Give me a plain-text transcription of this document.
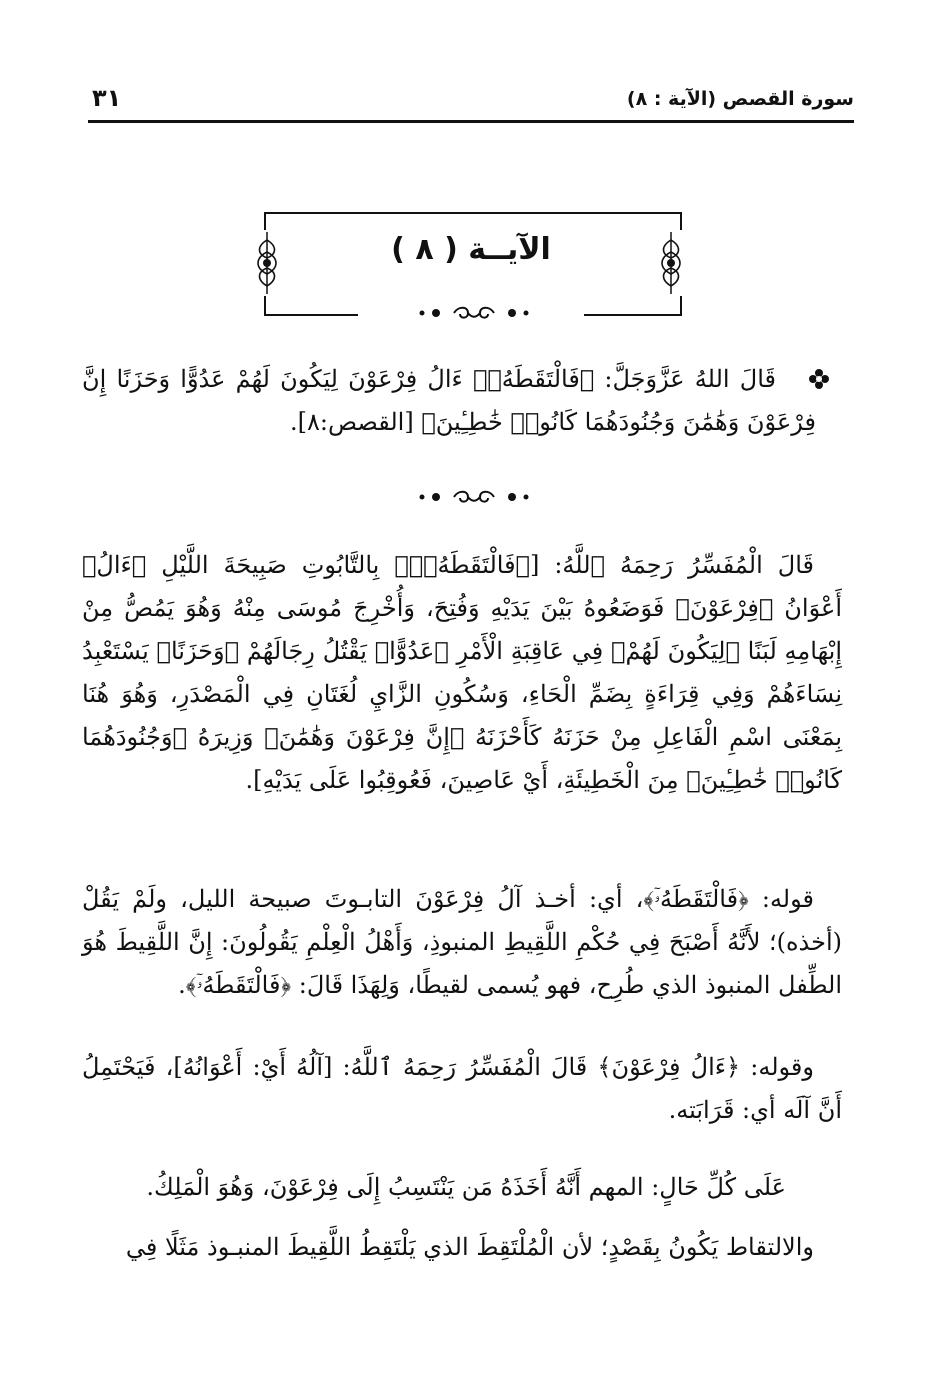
سورة القصص (الآية : ٨)
٣١
الآيــة ( ٨ )

قَالَ اللهُ عَزَّوَجَلَّ: ﴿فَالْتَقَطَهُۥٓ ءَالُ فِرْعَوْنَ لِيَكُونَ لَهُمْ عَدُوًّا وَحَزَنًا إِنَّ فِرْعَوْنَ وَهَٰمَٰنَ وَجُنُودَهُمَا كَانُوا۟ خَٰطِـِٔينَ﴾ [القصص:٨].

قَالَ الْمُفَسِّرُ رَحِمَهُ ٱللَّهُ: [﴿فَالْتَقَطَهُۥٓ﴾ بِالتَّابُوتِ صَبِيحَةَ اللَّيْلِ ﴿ءَالُ﴾ أَعْوَانُ ﴿فِرْعَوْنَ﴾ فَوَضَعُوهُ بَيْنَ يَدَيْهِ وَفُتِحَ، وَأُخْرِجَ مُوسَى مِنْهُ وَهُوَ يَمُصُّ مِنْ إِبْهَامِهِ لَبَنًا ﴿لِيَكُونَ لَهُمْ﴾ فِي عَاقِبَةِ الْأَمْرِ ﴿عَدُوًّا﴾ يَقْتُلُ رِجَالَهُمْ ﴿وَحَزَنًا﴾ يَسْتَعْبِدُ نِسَاءَهُمْ وَفِي قِرَاءَةٍ بِضَمِّ الْحَاءِ، وَسُكُونِ الزَّايِ لُغَتَانِ فِي الْمَصْدَرِ، وَهُوَ هُنَا بِمَعْنَى اسْمِ الْفَاعِلِ مِنْ حَزَنَهُ كَأَحْزَنَهُ ﴿إِنَّ فِرْعَوْنَ وَهَٰمَٰنَ﴾ وَزِيرَهُ ﴿وَجُنُودَهُمَا كَانُوا۟ خَٰطِـِٔينَ﴾ مِنَ الْخَطِيئَةِ، أَيْ عَاصِينَ، فَعُوقِبُوا عَلَى يَدَيْهِ].

قوله: ﴿فَالْتَقَطَهُۥٓ﴾، أي: أخـذ آلُ فِرْعَوْنَ التابـوتَ صبيحة الليل، ولَمْ يَقُلْ (أخذه)؛ لأَنَّهُ أَصْبَحَ فِي حُكْمِ اللَّقِيطِ المنبوذِ، وَأَهْلُ الْعِلْمِ يَقُولُونَ: إِنَّ اللَّقِيطَ هُوَ الطِّفل المنبوذ الذي طُرِح، فهو يُسمى لقيطًا، وَلِهَذَا قَالَ: ﴿فَالْتَقَطَهُۥٓ﴾.

وقوله: ﴿ءَالُ فِرْعَوْنَ﴾ قَالَ الْمُفَسِّرُ رَحِمَهُ ٱللَّهُ: [آلُهُ أَيْ: أَعْوَانُهُ]، فَيَحْتَمِلُ أَنَّ آلَه أي: قَرَابَته.

عَلَى كُلِّ حَالٍ: المهم أَنَّهُ أَخَذَهُ مَن يَنْتَسِبُ إِلَى فِرْعَوْنَ، وَهُوَ الْمَلِكُ.

والالتقاط يَكُونُ بِقَصْدٍ؛ لأن الْمُلْتَقِطَ الذي يَلْتَقِطُ اللَّقِيطَ المنبـوذ مَثَلًا فِي
